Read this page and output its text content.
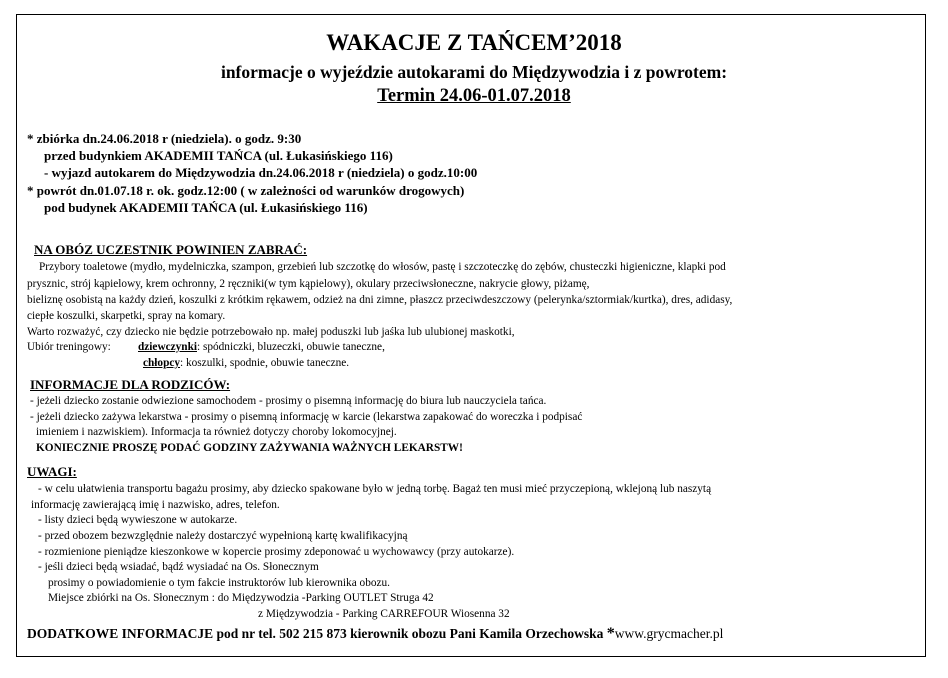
WAKACJE Z TAŃCEM’2018
informacje o wyjeździe autokarami do Międzywodzia i z powrotem:
Termin 24.06-01.07.2018
* zbiórka dn.24.06.2018 r (niedziela). o godz. 9:30
przed budynkiem AKADEMII TAŃCA (ul. Łukasińskiego 116)
- wyjazd autokarem do Międzywodzia dn.24.06.2018 r (niedziela) o godz.10:00
* powrót dn.01.07.18 r. ok. godz.12:00 ( w zależności od warunków drogowych)
pod budynek AKADEMII TAŃCA (ul. Łukasińskiego 116)
NA OBÓZ UCZESTNIK POWINIEN ZABRAĆ:
Przybory toaletowe (mydło, mydelniczka, szampon, grzebień lub szczotkę do włosów, pastę i szczoteczkę do zębów, chusteczki higieniczne, klapki pod
prysznic, strój kąpielowy, krem ochronny, 2 ręczniki(w tym kąpielowy), okulary przeciwsłoneczne, nakrycie głowy, piżamę,
bieliznę osobistą na każdy dzień, koszulki z krótkim rękawem, odzież na dni zimne, płaszcz przeciwdeszczowy (pelerynka/sztormiak/kurtka), dres, adidasy,
ciepłe koszulki, skarpetki, spray na komary.
Warto rozważyć, czy dziecko nie będzie potrzebowało np. małej poduszki lub jaśka lub ulubionej maskotki,
Ubiór treningowy: dziewczynki: spódniczki, bluzeczki, obuwie taneczne,
chłopcy: koszulki, spodnie, obuwie taneczne.
INFORMACJE DLA RODZICÓW:
- jeżeli dziecko zostanie odwiezione samochodem - prosimy o pisemną informację do biura lub nauczyciela tańca.
- jeżeli dziecko zażywa lekarstwa - prosimy o pisemną informację w karcie (lekarstwa zapakować do woreczka i podpisać
imieniem i nazwiskiem). Informacja ta również dotyczy choroby lokomocyjnej.
KONIECZNIE PROSZĘ PODAĆ GODZINY ZAŻYWANIA WAŻNYCH LEKARSTW!
UWAGI:
- w celu ułatwienia transportu bagażu prosimy, aby dziecko spakowane było w jedną torbę. Bagaż ten musi mieć przyczepioną, wklejoną lub naszytą
informację zawierającą imię i nazwisko, adres, telefon.
- listy dzieci będą wywieszone w autokarze.
- przed obozem bezwzględnie należy dostarczyć wypełnioną kartę kwalifikacyjną
- rozmienione pieniądze kieszonkowe w kopercie prosimy zdeponować u wychowawcy (przy autokarze).
- jeśli dzieci będą wsiadać, bądź wysiadać na Os. Słonecznym
prosimy o powiadomienie o tym fakcie instruktorów lub kierownika obozu.
Miejsce zbiórki na Os. Słonecznym : do Międzywodzia -Parking OUTLET Struga 42
z Międzywodzia - Parking CARREFOUR Wiosenna 32
DODATKOWE INFORMACJE pod nr tel. 502 215 873 kierownik obozu Pani Kamila Orzechowska *www.grycmacher.pl
